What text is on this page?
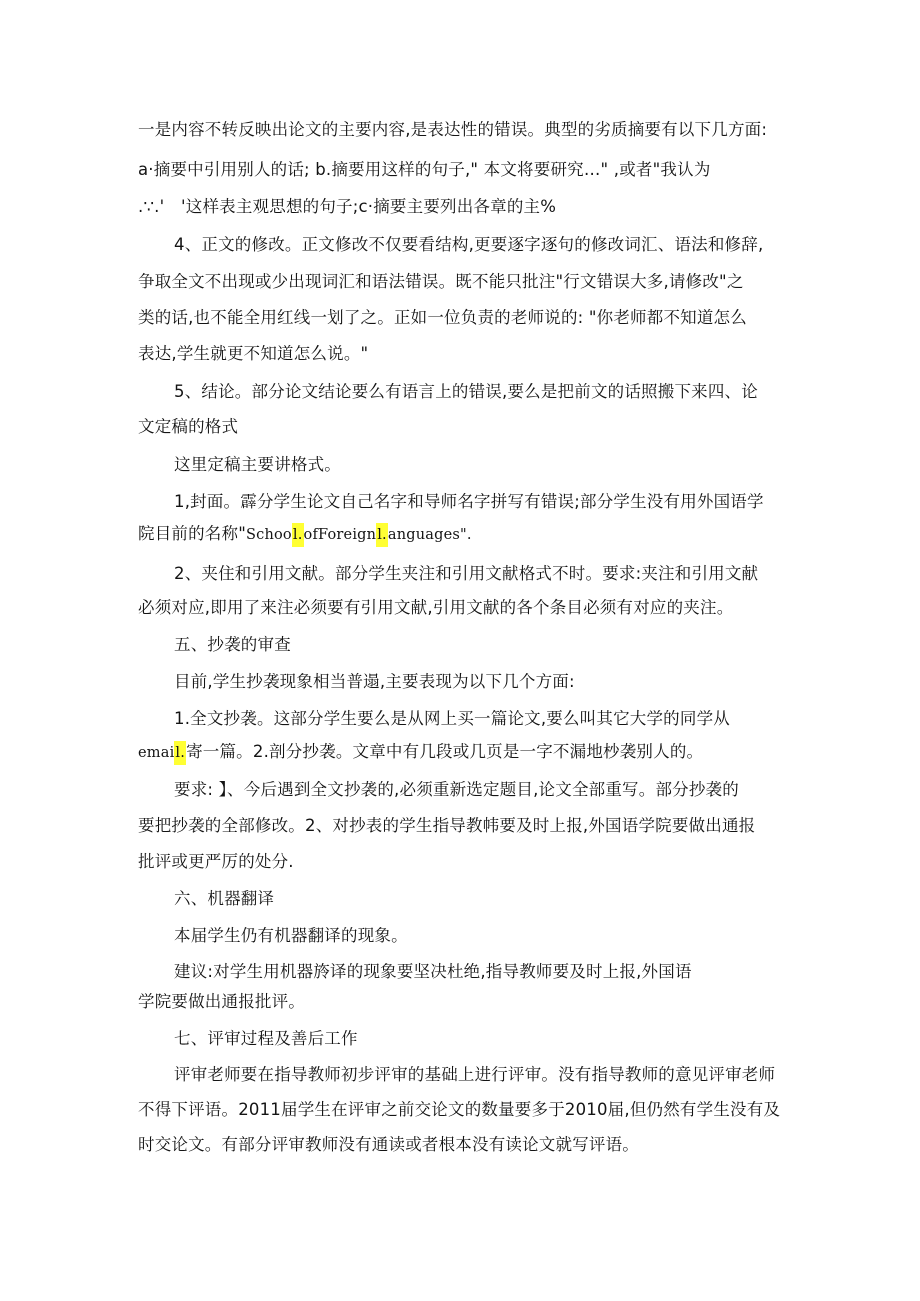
一是内容不转反映出论文的主要内容,是表达性的错误。典型的劣质摘要有以下几方面:
a·摘要中引用别人的话; b.摘要用这样的句子," 本文将要研究…" ,或者"我认为
.∵.'　'这样表主观思想的句子;c·摘要主要列出各章的主%
4、正文的修改。正文修改不仅要看结构,更要逐字逐句的修改词汇、语法和修辞,
争取全文不出现或少出现词汇和语法错误。既不能只批注"行文错误大多,请修改"之
类的话,也不能全用红线一划了之。正如一位负责的老师说的: "你老师都不知道怎么
表达,学生就更不知道怎么说。"
5、结论。部分论文结论要么有语言上的错误,要么是把前文的话照搬下来四、论
文定稿的格式
这里定稿主要讲格式。
1,封面。霹分学生论文自己名字和导师名字拼写有错误;部分学生没有用外国语学
院目前的名称"School.ofForeignl.anguages".
2、夹住和引用文献。部分学生夹注和引用文献格式不时。要求:夹注和引用文献
必须对应,即用了来注必须要有引用文献,引用文献的各个条目必须有对应的夹注。
五、抄袭的审查
目前,学生抄袭现象相当普遢,主要表现为以下几个方面:
1.全文抄袭。这部分学生要么是从网上买一篇论文,要么叫其它大学的同学从
email.寄一篇。2.剖分抄袭。文章中有几段或几页是一字不漏地杪袭别人的。
要求: 】、今后遇到全文抄袭的,必须重新选定题目,论文全部重写。部分抄袭的
要把抄袭的全部修改。2、对抄表的学生指导教帏要及时上报,外国语学院要做出通报
批评或更严厉的处分.
六、机器翻译
本届学生仍有机器翻译的现象。
建议:对学生用机器旍译的现象要坚决杜绝,指导教师要及时上报,外国语
学院要做出通报批评。
七、评审过程及善后工作
评审老师要在指导教师初步评审的基础上进行评审。没有指导教师的意见评审老师
不得下评语。2011届学生在评审之前交论文的数量要多于2010届,但仍然有学生没有及
时交论文。有部分评审教师没有通读或者根本没有读论文就写评语。
